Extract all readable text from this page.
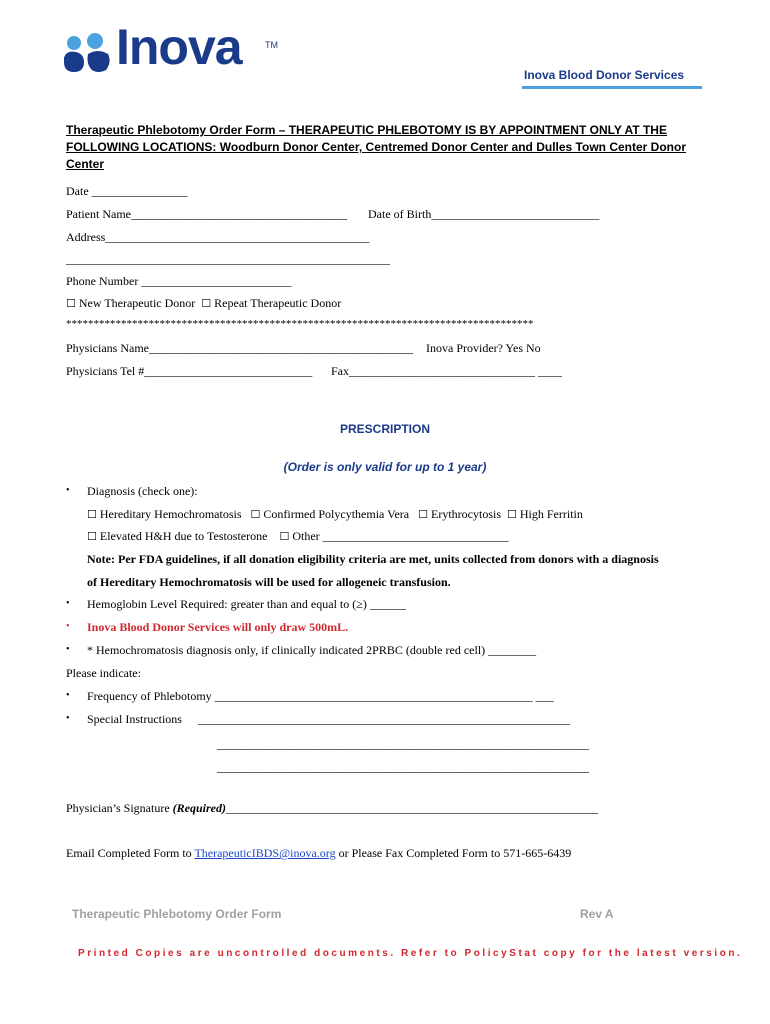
Inova	TM
Inova Blood Donor Services
Therapeutic Phlebotomy Order Form – THERAPEUTIC PHLEBOTOMY IS BY APPOINTMENT ONLY AT THE FOLLOWING LOCATIONS: Woodburn Donor Center, Centremed Donor Center and Dulles Town Center Donor Center
Date ________________
Patient Name____________________________________ Date of Birth____________________________
Address____________________________________________
______________________________________________________
Phone Number _________________________
☐ New Therapeutic Donor ☐ Repeat Therapeutic Donor
*************************************************************************************
Physicians Name____________________________________________ Inova Provider? Yes No
Physicians Tel #____________________________ Fax_______________________________ ____
PRESCRIPTION
(Order is only valid for up to 1 year)
• Diagnosis (check one):
☐ Hereditary Hemochromatosis ☐ Confirmed Polycythemia Vera ☐ Erythrocytosis ☐ High Ferritin
☐ Elevated H&H due to Testosterone ☐ Other _______________________________
Note: Per FDA guidelines, if all donation eligibility criteria are met, units collected from donors with a diagnosis
of Hereditary Hemochromatosis will be used for allogeneic transfusion.
• Hemoglobin Level Required: greater than and equal to (≥) ______
• Inova Blood Donor Services will only draw 500mL.
• * Hemochromatosis diagnosis only, if clinically indicated 2PRBC (double red cell) ________
Please indicate:
• Frequency of Phlebotomy _____________________________________________________ ___
• Special Instructions ______________________________________________________________
______________________________________________________________
______________________________________________________________
Physician’s Signature (Required)______________________________________________________________
Email Completed Form to TherapeuticIBDS@inova.org or Please Fax Completed Form to 571-665-6439
Therapeutic Phlebotomy Order Form	Rev A
Printed Copies are uncontrolled documents. Refer to PolicyStat copy for the latest version.
